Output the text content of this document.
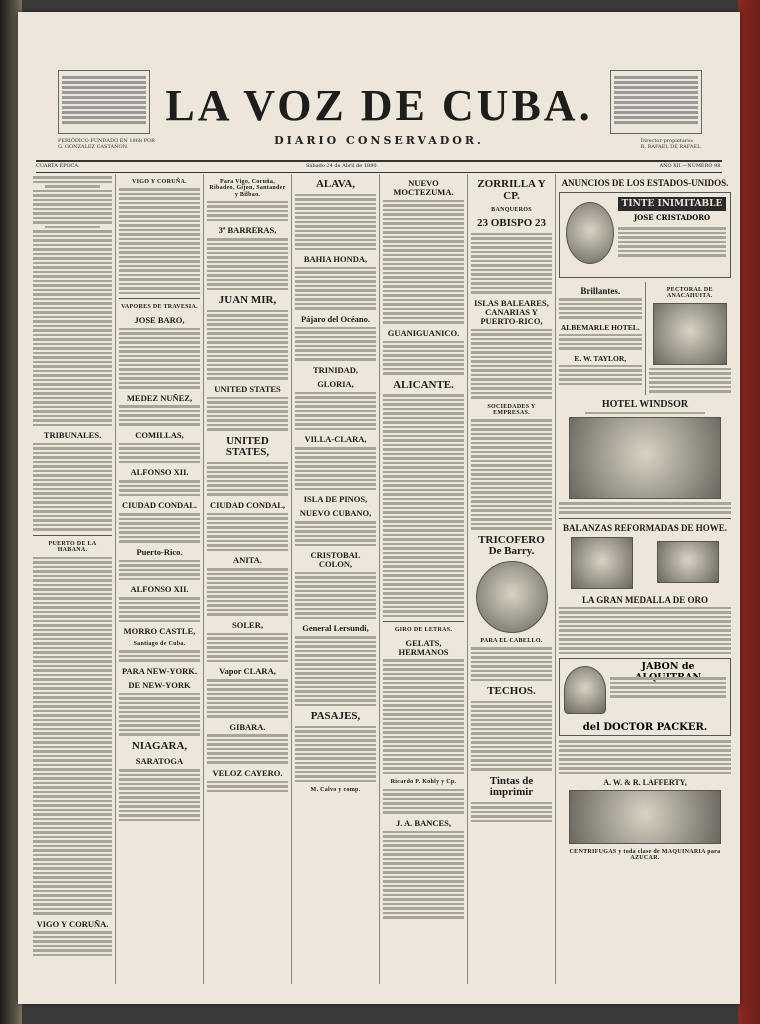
PERIÓDICO FUNDADO EN 1868 POR
G. GONZALEZ CASTAÑON.
LA VOZ DE CUBA.
DIARIO CONSERVADOR.	Director-propietario:
R. RAFAEL DE RAFAEL.
CUARTA ÉPOCA.	Sábado 24 de Abril de 1880.	AÑO XII.—NÚMERO 98.
TRIBUNALES.
PUERTO DE LA HABANA.
VIGO Y CORUÑA.
VIGO Y CORUÑA.
VAPORES DE TRAVESIA.
JOSE BARO,
MEDEZ NUÑEZ,
COMILLAS,
ALFONSO XII.
CIUDAD CONDAL.
Puerto-Rico.
ALFONSO XII.
MORRO CASTLE,
Santiago de Cuba.
PARA NEW-YORK.
DE NEW-YORK
NIAGARA,
SARATOGA
Para Vigo, Coruña, Ribadeo, Gijon, Santander y Bilbao.
3ª BARRERAS,
JUAN MIR,
UNITED STATES
UNITED STATES,
CIUDAD CONDAL,
ANITA.
SOLER,
Vapor CLARA,
GIBARA.
VELOZ CAYERO.
ALAVA,
BAHIA HONDA,
Pájaro del Océano.
TRINIDAD,
GLORIA,
VILLA-CLARA,
ISLA DE PINOS,
NUEVO CUBANO,
CRISTOBAL COLON,
General Lersundi,
PASAJES,
M. Calvo y comp.
NUEVO MOCTEZUMA.
GUANIGUANICO.
ALICANTE.
GIRO DE LETRAS.
GELATS, HERMANOS
Ricardo P. Kohly y Cp.
J. A. BANCES,
ZORRILLA Y CP.
BANQUEROS
23 OBISPO 23
ISLAS BALEARES, CANARIAS Y PUERTO-RICO,
SOCIEDADES Y EMPRESAS.
TRICOFERO De Barry.
PARA EL CABELLO.
TECHOS.
Tintas de imprimir
ANUNCIOS DE LOS ESTADOS-UNIDOS.
TINTE INIMITABLE
JOSE CRISTADORO
Brillantes.
ALBEMARLE HOTEL.
E. W. TAYLOR,
PECTORAL DE ANACAHUITA.
HOTEL WINDSOR
BALANZAS REFORMADAS DE HOWE.
LA GRAN MEDALLA DE ORO
JABON de
del DOCTOR PACKER.
A. W. & R. LAFFERTY,
CENTRIFUGAS y toda clase de MAQUINARIA para AZUCAR.
